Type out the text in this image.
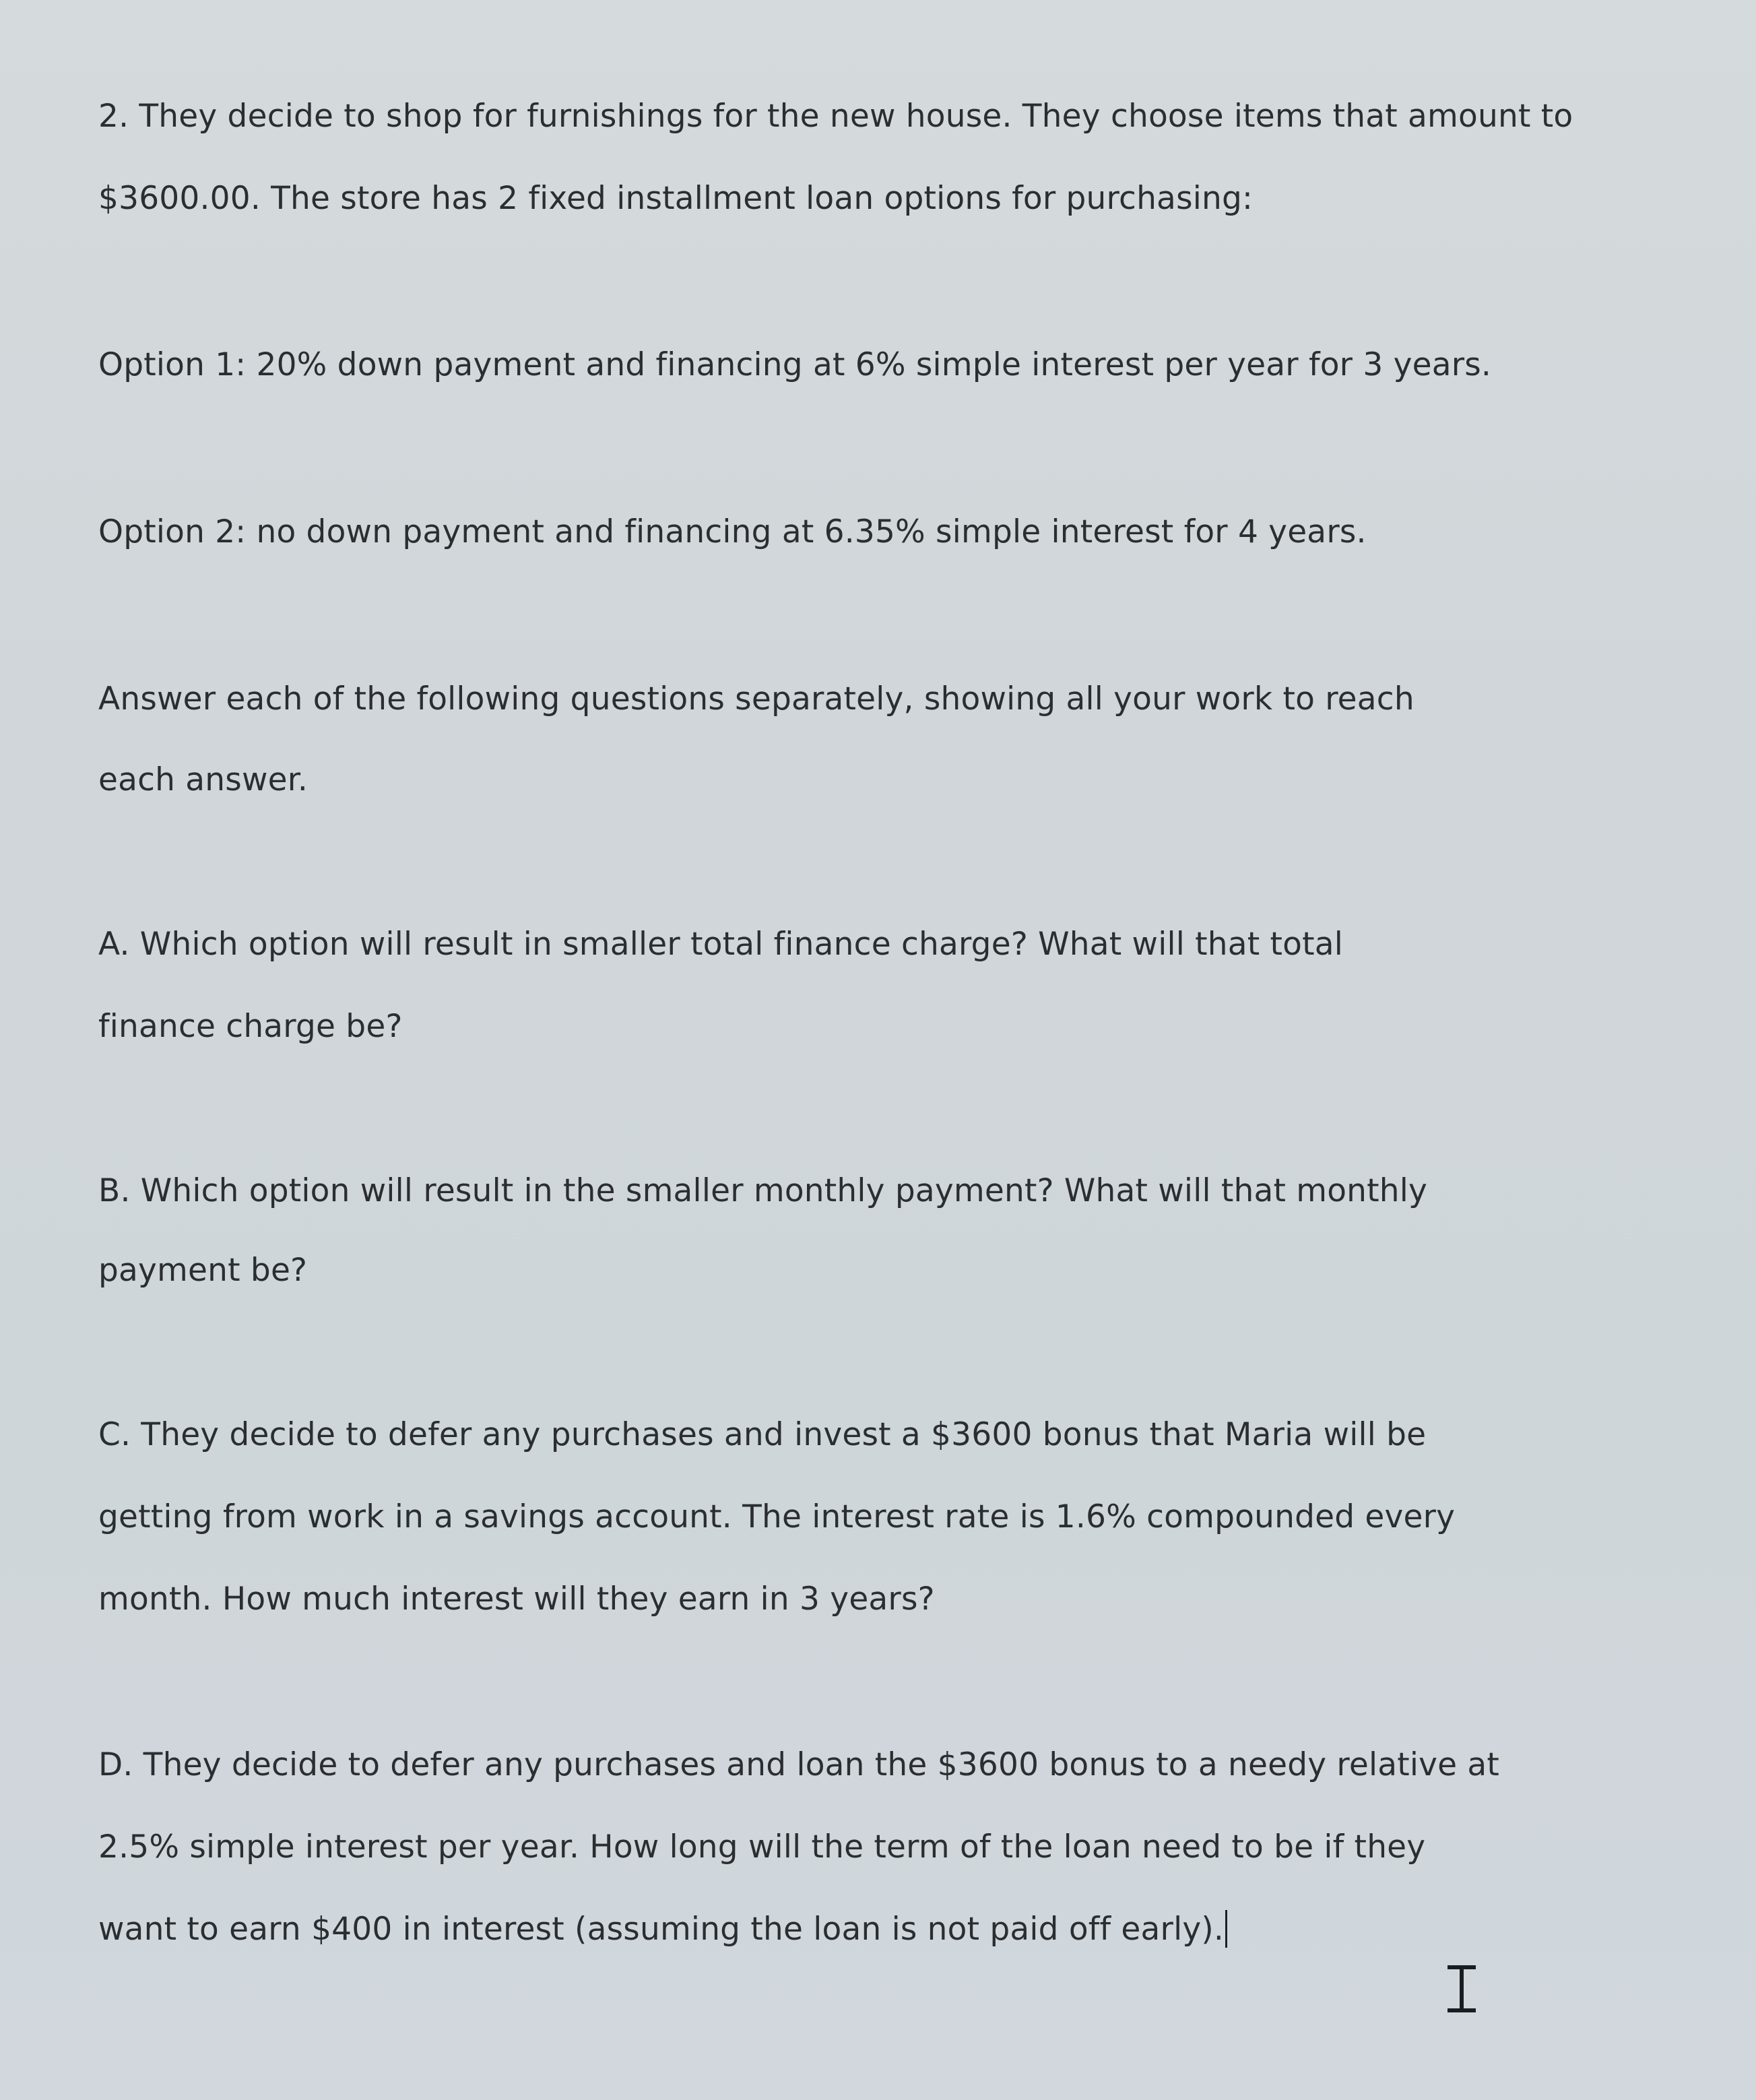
2. They decide to shop for furnishings for the new house. They choose items that amount to
$3600.00. The store has 2 fixed installment loan options for purchasing:
Option 1: 20% down payment and financing at 6% simple interest per year for 3 years.
Option 2: no down payment and financing at 6.35% simple interest for 4 years.
Answer each of the following questions separately, showing all your work to reach
each answer.
A. Which option will result in smaller total finance charge? What will that total
finance charge be?
B. Which option will result in the smaller monthly payment? What will that monthly
payment be?
C. They decide to defer any purchases and invest a $3600 bonus that Maria will be
getting from work in a savings account. The interest rate is 1.6% compounded every
month. How much interest will they earn in 3 years?
D. They decide to defer any purchases and loan the $3600 bonus to a needy relative at
2.5% simple interest per year. How long will the term of the loan need to be if they
want to earn $400 in interest (assuming the loan is not paid off early).
